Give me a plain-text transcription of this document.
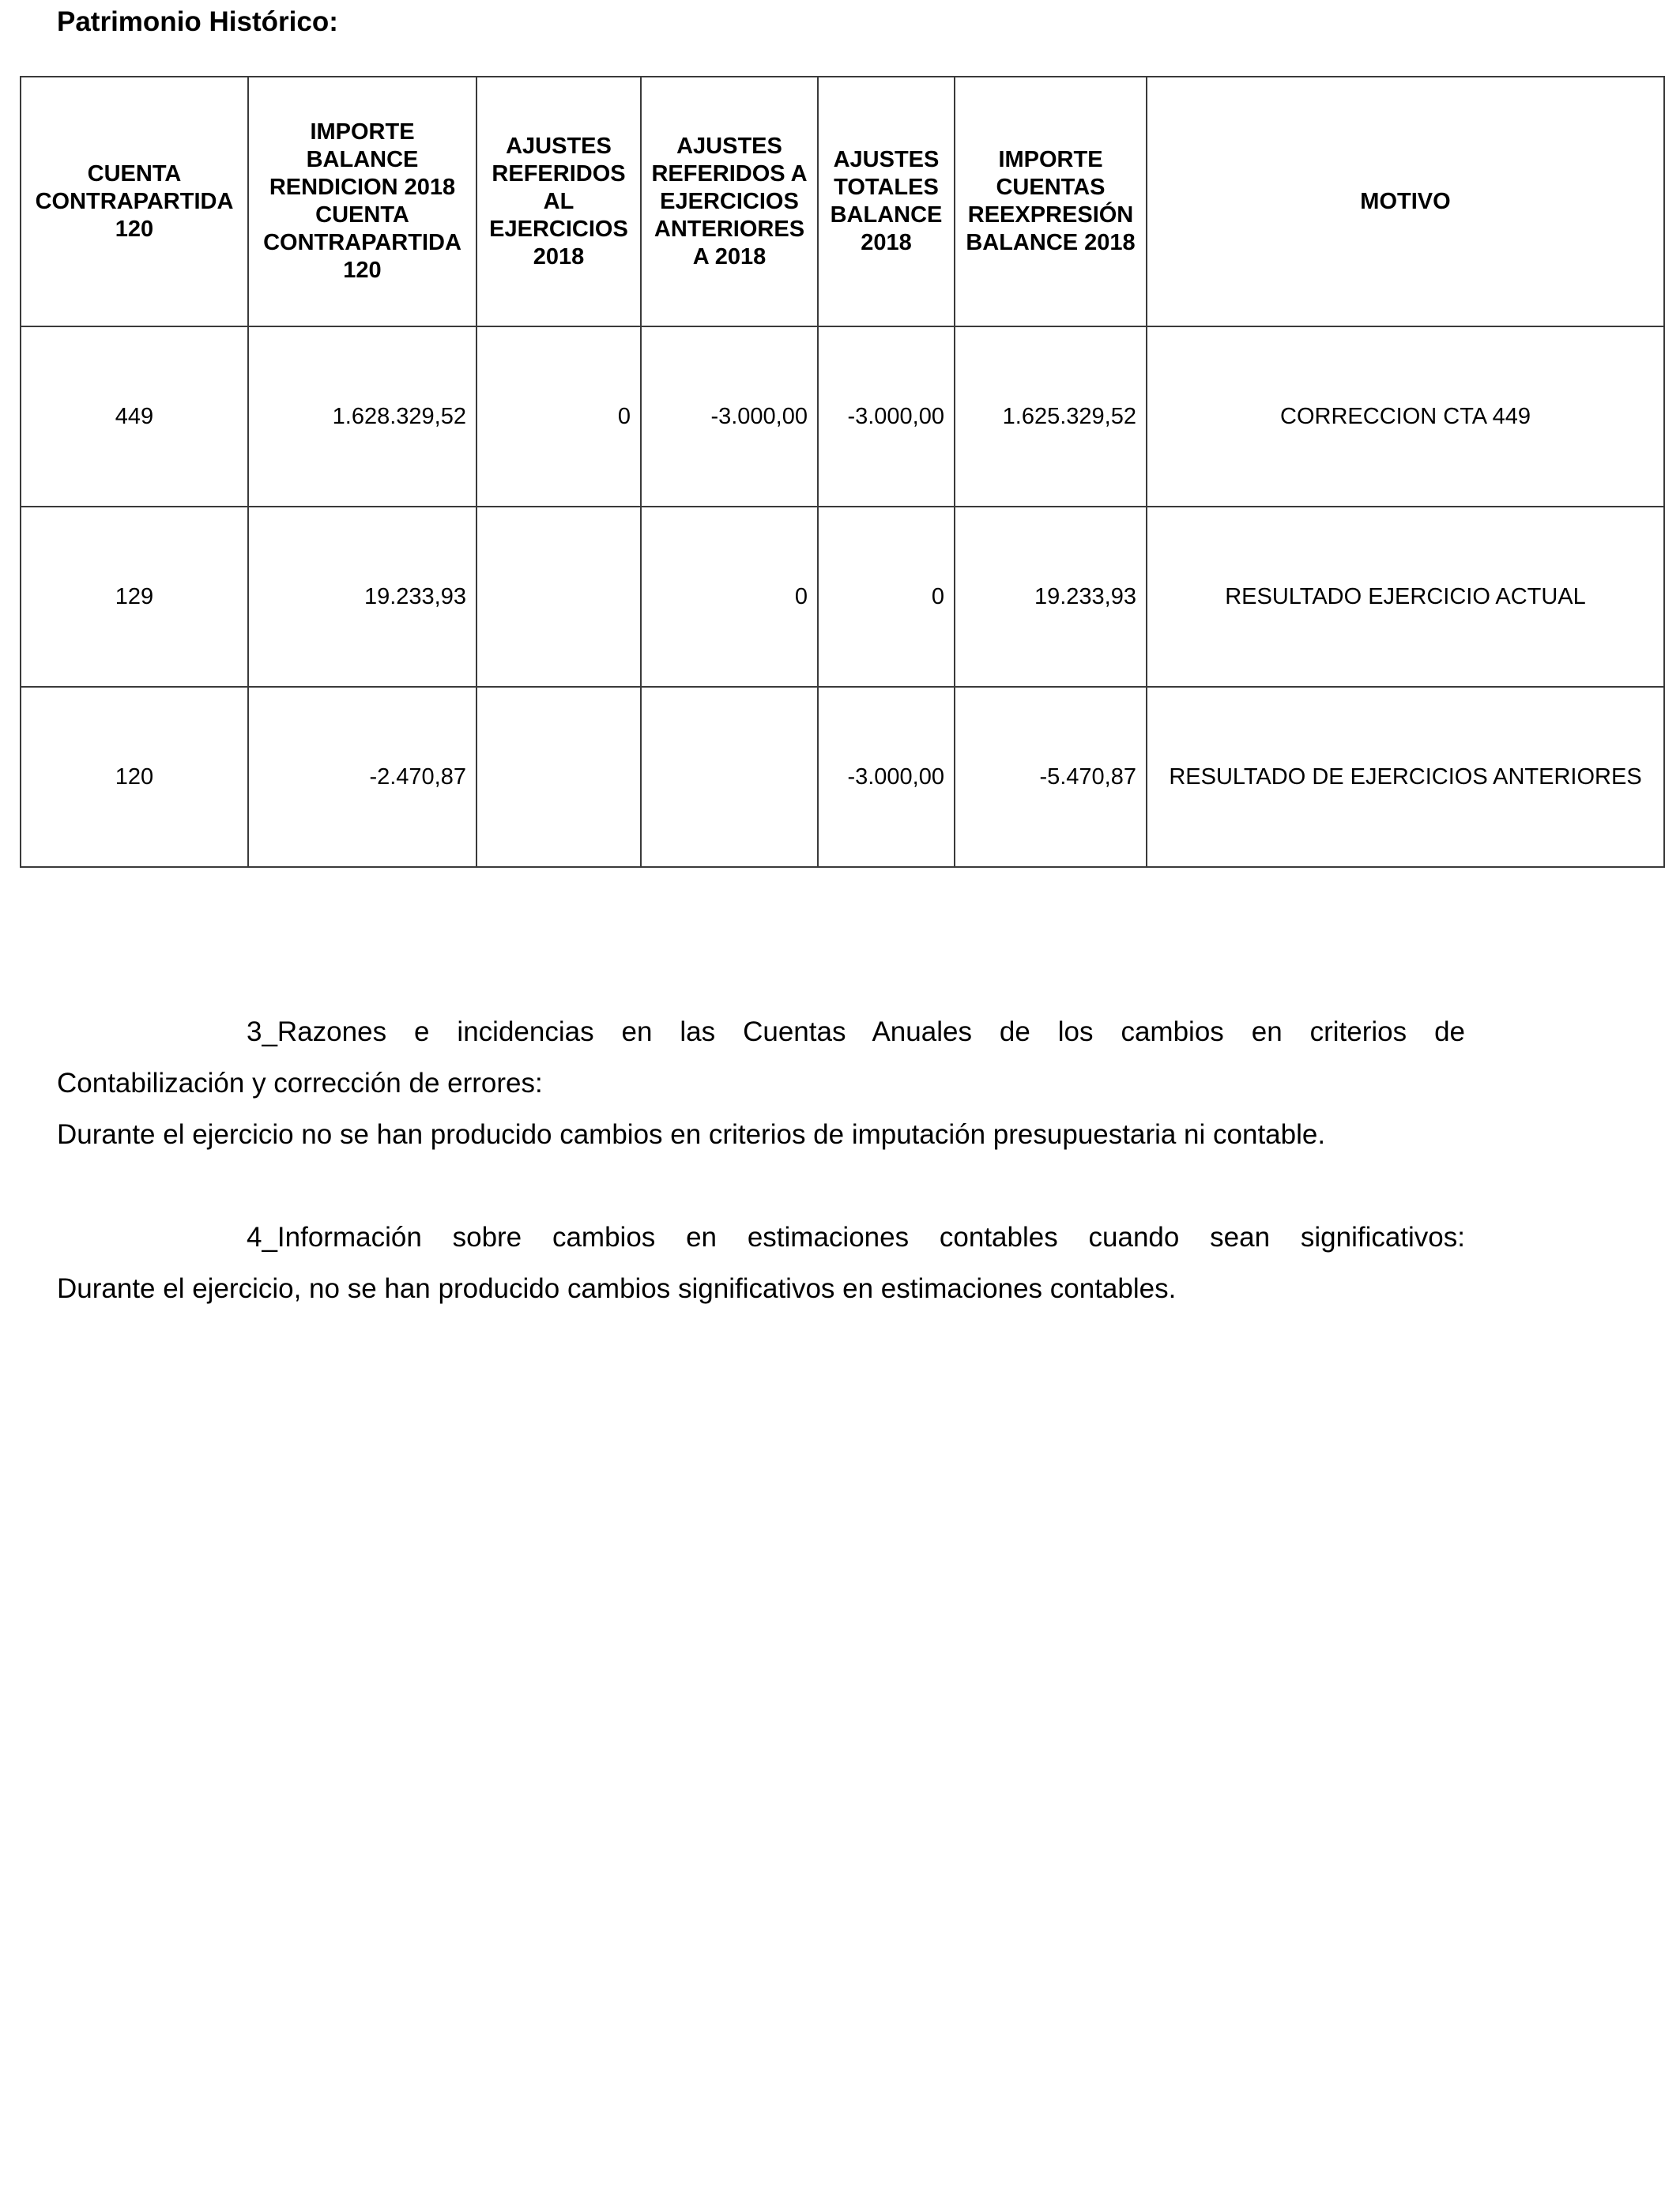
Patrimonio Histórico:
CUENTA CONTRAPARTIDA 120	IMPORTE BALANCE RENDICION 2018 CUENTA CONTRAPARTIDA 120	AJUSTES REFERIDOS AL EJERCICIOS 2018	AJUSTES REFERIDOS A EJERCICIOS ANTERIORES A 2018	AJUSTES TOTALES BALANCE 2018	IMPORTE CUENTAS REEXPRESIÓN BALANCE 2018	MOTIVO
449	1.628.329,52	0	-3.000,00	-3.000,00	1.625.329,52	CORRECCION CTA 449
129	19.233,93		0	0	19.233,93	RESULTADO EJERCICIO ACTUAL
120	-2.470,87			-3.000,00	-5.470,87	RESULTADO DE EJERCICIOS ANTERIORES

3_Razones e incidencias en las Cuentas Anuales de los cambios en criterios de

Contabilización y corrección de errores:

Durante el ejercicio no se han producido cambios en criterios de imputación presupuestaria ni contable.

4_Información sobre cambios en estimaciones contables cuando sean significativos:

Durante el ejercicio, no se han producido cambios significativos en estimaciones contables.
